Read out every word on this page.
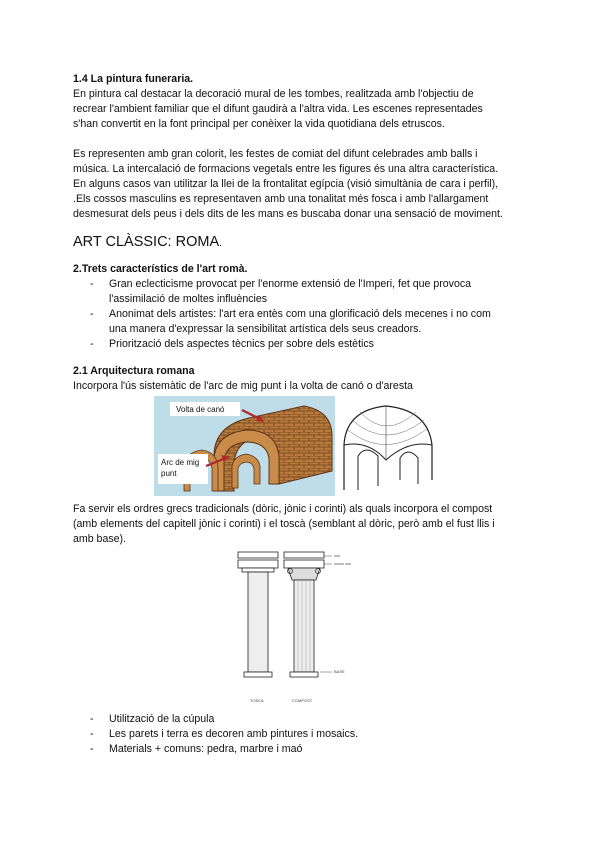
1.4 La pintura funeraria.
En pintura cal destacar la decoració mural de les tombes, realitzada amb l'objectiu de
recrear l'ambient familiar que el difunt gaudirà a l'altra vida. Les escenes representades
s'han convertit en la font principal per conèixer la vida quotidiana dels etruscos.
Es representen amb gran colorit, les festes de comiat del difunt celebrades amb balls i
música. La intercalació de formacions vegetals entre les figures és una altra característica.
En alguns casos van utilitzar la llei de la frontalitat egípcia (visió simultània de cara i perfil),
.Els cossos masculins es representaven amb una tonalitat més fosca i amb l'allargament
desmesurat dels peus i dels dits de les mans es buscaba donar una sensació de moviment.
ART CLÀSSIC: ROMA.
2.Trets característics de l'art romà.
- Gran eclecticisme provocat per l'enorme extensió de l'Imperi, fet que provoca
l'assimilació de moltes influències
- Anonimat dels artistes: l'art era entès com una glorificació dels mecenes i no com
una manera d'expressar la sensibilitat artística dels seus creadors.
- Priorització dels aspectes tècnics per sobre dels estètics
2.1 Arquitectura romana
Incorpora l'ús sistemàtic de l'arc de mig punt i la volta de canó o d'aresta
Volta de canó
Arc de mig
punt
Fa servir els ordres grecs tradicionals (dòric, jònic i corinti) als quals incorpora el compost
(amb elements del capitell jònic i corinti) i el toscà (semblant al dòric, però amb el fust llis i
amb base).
xxx
xxxxx xxx
BASE
TOSCA	COMPOST
- Utilització de la cúpula
- Les parets i terra es decoren amb pintures i mosaics.
- Materials + comuns: pedra, marbre i maó
